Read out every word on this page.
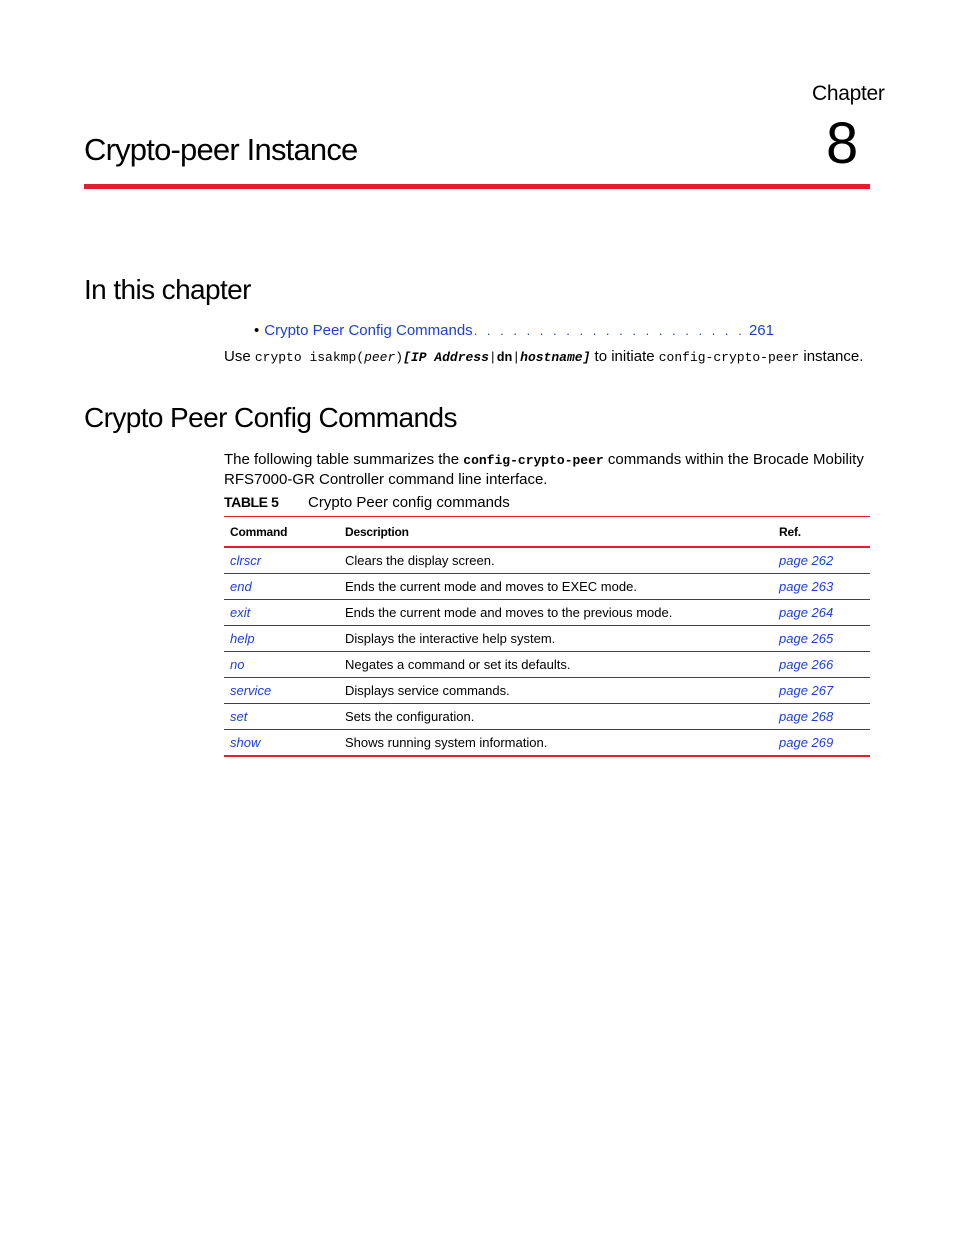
Chapter
8
Crypto-peer Instance
In this chapter
• Crypto Peer Config Commands . . .	261
Use crypto isakmp(peer)[IP Address|dn|hostname] to initiate config-crypto-peer instance.
Crypto Peer Config Commands
The following table summarizes the config-crypto-peer commands within the Brocade Mobility RFS7000-GR Controller command line interface.
TABLE 5 Crypto Peer config commands
Command	Description	Ref.
clrscr	Clears the display screen.	page 262
end	Ends the current mode and moves to EXEC mode.	page 263
exit	Ends the current mode and moves to the previous mode.	page 264
help	Displays the interactive help system.	page 265
no	Negates a command or set its defaults.	page 266
service	Displays service commands.	page 267
set	Sets the configuration.	page 268
show	Shows running system information.	page 269
